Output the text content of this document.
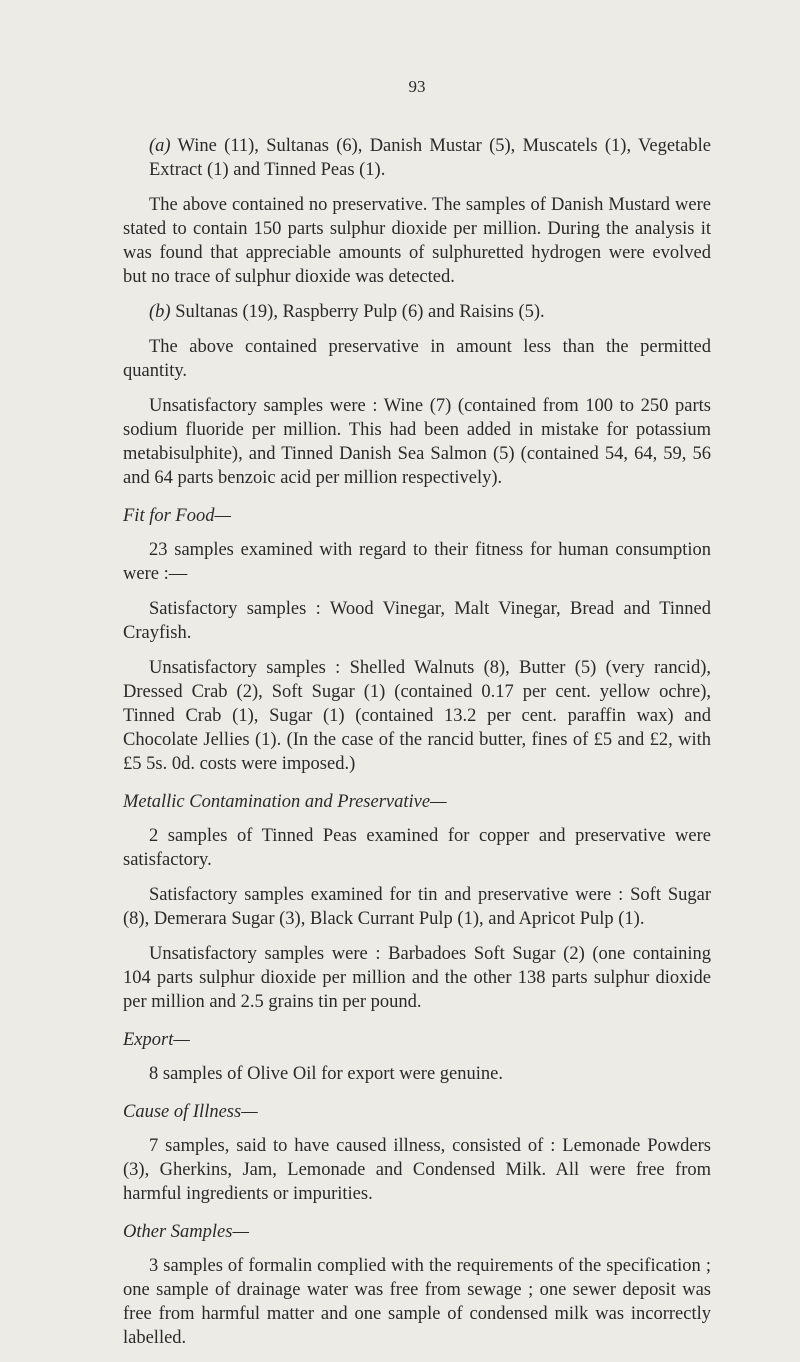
93

(a) Wine (11), Sultanas (6), Danish Mustar (5), Muscatels (1), Vegetable Extract (1) and Tinned Peas (1).

The above contained no preservative. The samples of Danish Mustard were stated to contain 150 parts sulphur dioxide per million. During the analysis it was found that appreciable amounts of sulphuretted hydrogen were evolved but no trace of sulphur dioxide was detected.

(b) Sultanas (19), Raspberry Pulp (6) and Raisins (5).

The above contained preservative in amount less than the permitted quantity.

Unsatisfactory samples were : Wine (7) (contained from 100 to 250 parts sodium fluoride per million. This had been added in mistake for potassium metabisulphite), and Tinned Danish Sea Salmon (5) (contained 54, 64, 59, 56 and 64 parts benzoic acid per million respectively).

Fit for Food—

23 samples examined with regard to their fitness for human consumption were :—

Satisfactory samples : Wood Vinegar, Malt Vinegar, Bread and Tinned Crayfish.

Unsatisfactory samples : Shelled Walnuts (8), Butter (5) (very rancid), Dressed Crab (2), Soft Sugar (1) (contained 0.17 per cent. yellow ochre), Tinned Crab (1), Sugar (1) (contained 13.2 per cent. paraffin wax) and Chocolate Jellies (1). (In the case of the rancid butter, fines of £5 and £2, with £5 5s. 0d. costs were imposed.)

Metallic Contamination and Preservative—

2 samples of Tinned Peas examined for copper and preservative were satisfactory.

Satisfactory samples examined for tin and preservative were : Soft Sugar (8), Demerara Sugar (3), Black Currant Pulp (1), and Apricot Pulp (1).

Unsatisfactory samples were : Barbadoes Soft Sugar (2) (one containing 104 parts sulphur dioxide per million and the other 138 parts sulphur dioxide per million and 2.5 grains tin per pound.

Export—

8 samples of Olive Oil for export were genuine.

Cause of Illness—

7 samples, said to have caused illness, consisted of : Lemonade Powders (3), Gherkins, Jam, Lemonade and Condensed Milk. All were free from harmful ingredients or impurities.

Other Samples—

3 samples of formalin complied with the requirements of the specification ; one sample of drainage water was free from sewage ; one sewer deposit was free from harmful matter and one sample of condensed milk was incorrectly labelled.
